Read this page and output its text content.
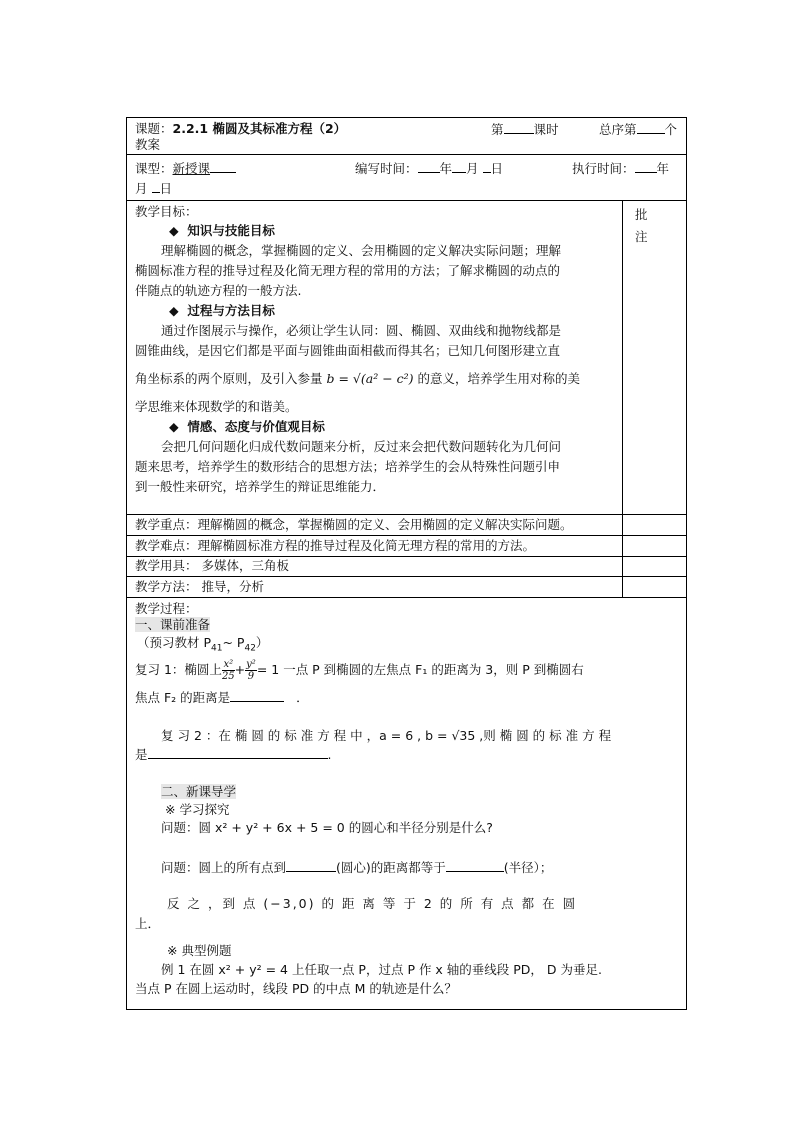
课题：2.2.1 椭圆及其标准方程（2）	第 课时	总序第 个
教案
课型：新授课	编写时间： 年 月 日	执行时间： 年
月 日
批
注
教学目标：
◆  知识与技能目标
理解椭圆的概念，掌握椭圆的定义、会用椭圆的定义解决实际问题；理解
椭圆标准方程的推导过程及化简无理方程的常用的方法；了解求椭圆的动点的
伴随点的轨迹方程的一般方法.
◆  过程与方法目标
通过作图展示与操作，必须让学生认同：圆、椭圆、双曲线和抛物线都是
圆锥曲线，是因它们都是平面与圆锥曲面相截而得其名；已知几何图形建立直
角坐标系的两个原则，及引入参量 b = √(a² − c²) 的意义，培养学生用对称的美
学思维来体现数学的和谐美。
◆  情感、态度与价值观目标
会把几何问题化归成代数问题来分析，反过来会把代数问题转化为几何问
题来思考，培养学生的数形结合的思想方法；培养学生的会从特殊性问题引申
到一般性来研究，培养学生的辩证思维能力．
教学重点：理解椭圆的概念，掌握椭圆的定义、会用椭圆的定义解决实际问题。
教学难点：理解椭圆标准方程的推导过程及化简无理方程的常用的方法。
教学用具： 多媒体，三角板
教学方法： 推导，分析
教学过程：
一、课前准备
（预习教材 $P_{41}\sim$ $P_{42}$）
复习 1：椭圆上 $\frac{\text{x²}}{25} + \frac{\text{y²}}{9} = 1$ 一点 P 到椭圆的左焦点 F₁ 的距离为 3，则 P 到椭圆右
焦点 F₂ 的距离是	．
复 习 2 ：在 椭 圆 的 标 准 方 程 中 ，a = 6 , b = √35 ,则 椭 圆 的 标 准 方 程
是	.
二、新课导学
※ 学习探究
问题：圆 x² + y² + 6x + 5 = 0 的圆心和半径分别是什么?
问题：圆上的所有点到	(圆心)的距离都等于	(半径）；
反 之 ，到 点 (−3,0) 的 距 离 等 于 2 的 所 有 点 都 在 圆
上．
※ 典型例题
例 1 在圆 x² + y² = 4 上任取一点 P，过点 P 作 x 轴的垂线段 PD， D 为垂足.
当点 P 在圆上运动时，线段 PD 的中点 M 的轨迹是什么？
